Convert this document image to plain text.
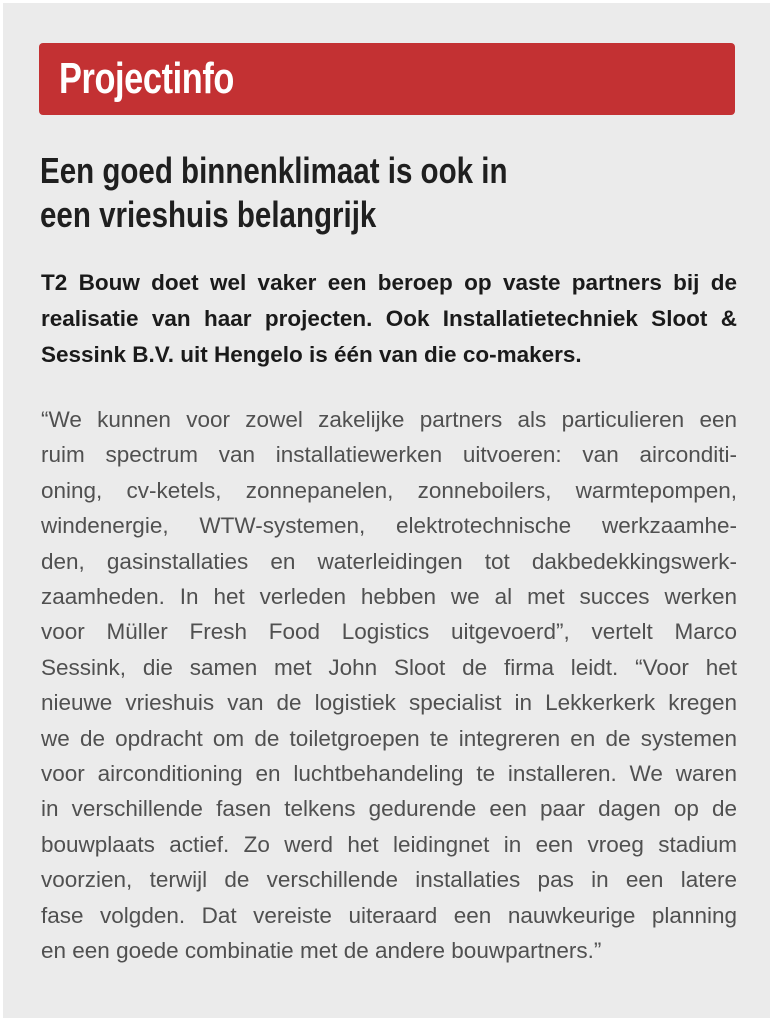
Projectinfo
Een goed binnenklimaat is ook in
een vrieshuis belangrijk
T2 Bouw doet wel vaker een beroep op vaste partners bij de
realisatie van haar projecten. Ook Installatietechniek Sloot &
Sessink B.V. uit Hengelo is één van die co-makers.
“We kunnen voor zowel zakelijke partners als particulieren een
ruim spectrum van installatiewerken uitvoeren: van airconditi-
oning, cv-ketels, zonnepanelen, zonneboilers, warmtepompen,
windenergie, WTW-systemen, elektrotechnische werkzaamhe-
den, gasinstallaties en waterleidingen tot dakbedekkingswerk-
zaamheden. In het verleden hebben we al met succes werken
voor Müller Fresh Food Logistics uitgevoerd”, vertelt Marco
Sessink, die samen met John Sloot de firma leidt. “Voor het
nieuwe vrieshuis van de logistiek specialist in Lekkerkerk kregen
we de opdracht om de toiletgroepen te integreren en de systemen
voor airconditioning en luchtbehandeling te installeren. We waren
in verschillende fasen telkens gedurende een paar dagen op de
bouwplaats actief. Zo werd het leidingnet in een vroeg stadium
voorzien, terwijl de verschillende installaties pas in een latere
fase volgden. Dat vereiste uiteraard een nauwkeurige planning
en een goede combinatie met de andere bouwpartners.”
